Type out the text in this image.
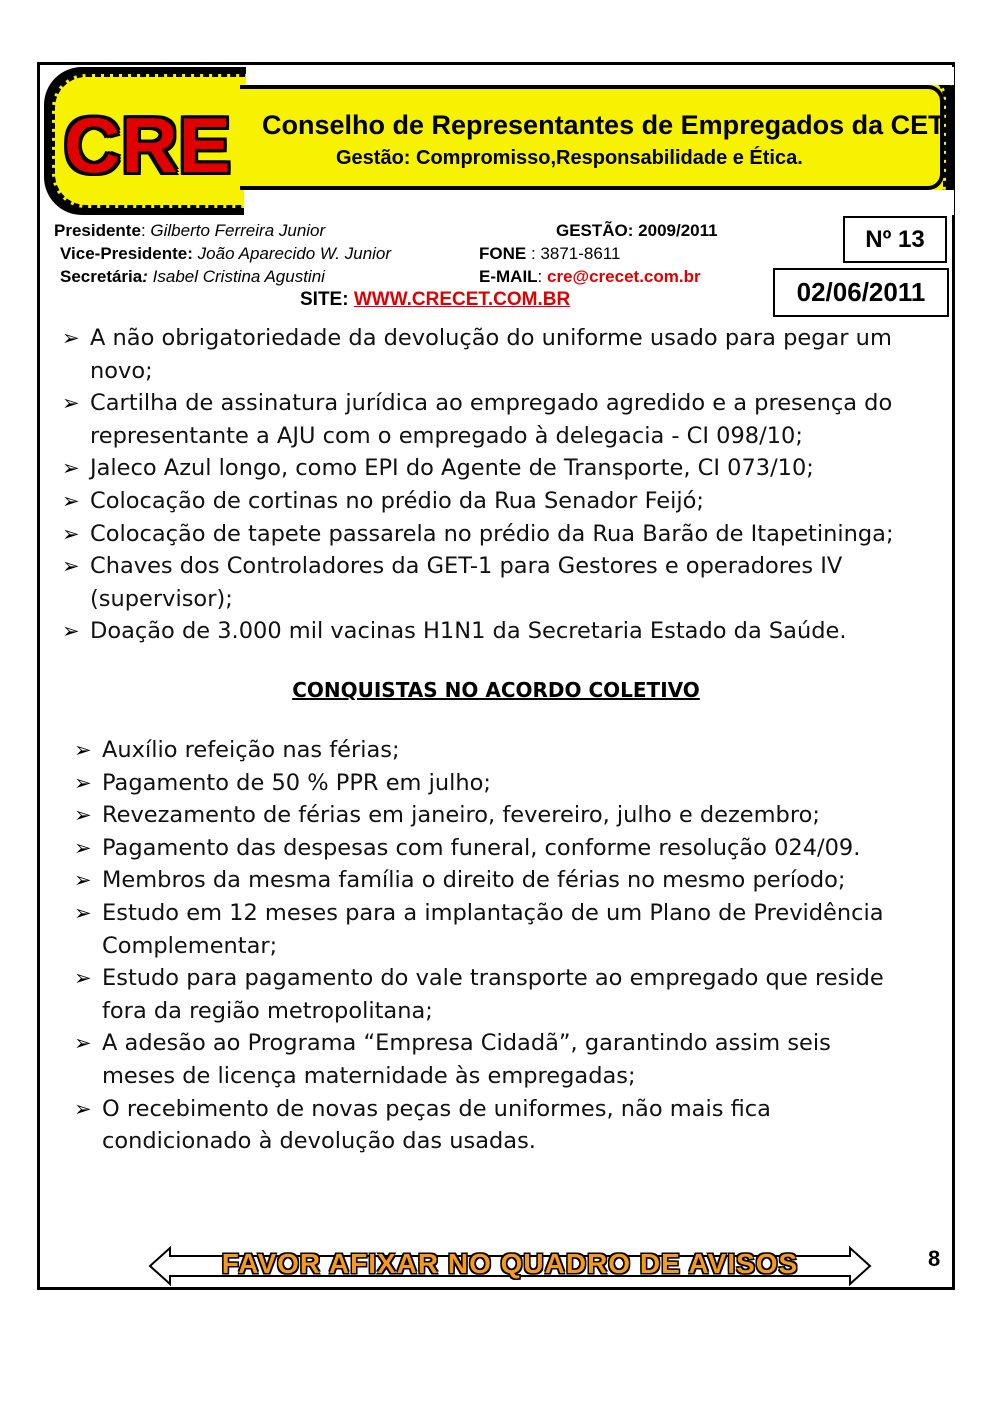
CRE	Conselho de Representantes de Empregados da CET
Gestão: Compromisso,Responsabilidade e Ética.
Presidente: Gilberto Ferreira Junior
Vice-Presidente: João Aparecido W. Junior
Secretária: Isabel Cristina Agustini
GESTÃO: 2009/2011
FONE : 3871-8611
E-MAIL: cre@crecet.com.br
SITE: WWW.CRECET.COM.BR
Nº 13
02/06/2011
➢ A não obrigatoriedade da devolução do uniforme usado para pegar um
novo;
➢ Cartilha de assinatura jurídica ao empregado agredido e a presença do
representante a AJU com o empregado à delegacia - CI 098/10;
➢ Jaleco Azul longo, como EPI do Agente de Transporte, CI 073/10;
➢ Colocação de cortinas no prédio da Rua Senador Feijó;
➢ Colocação de tapete passarela no prédio da Rua Barão de Itapetininga;
➢ Chaves dos Controladores da GET-1 para Gestores e operadores IV
(supervisor);
➢ Doação de 3.000 mil vacinas H1N1 da Secretaria Estado da Saúde.
CONQUISTAS NO ACORDO COLETIVO
➢ Auxílio refeição nas férias;
➢ Pagamento de 50 % PPR em julho;
➢ Revezamento de férias em janeiro, fevereiro, julho e dezembro;
➢ Pagamento das despesas com funeral, conforme resolução 024/09.
➢ Membros da mesma família o direito de férias no mesmo período;
➢ Estudo em 12 meses para a implantação de um Plano de Previdência
Complementar;
➢ Estudo para pagamento do vale transporte ao empregado que reside
fora da região metropolitana;
➢ A adesão ao Programa “Empresa Cidadã”, garantindo assim seis
meses de licença maternidade às empregadas;
➢ O recebimento de novas peças de uniformes, não mais fica
condicionado à devolução das usadas.
FAVOR AFIXAR NO QUADRO DE AVISOS	8
